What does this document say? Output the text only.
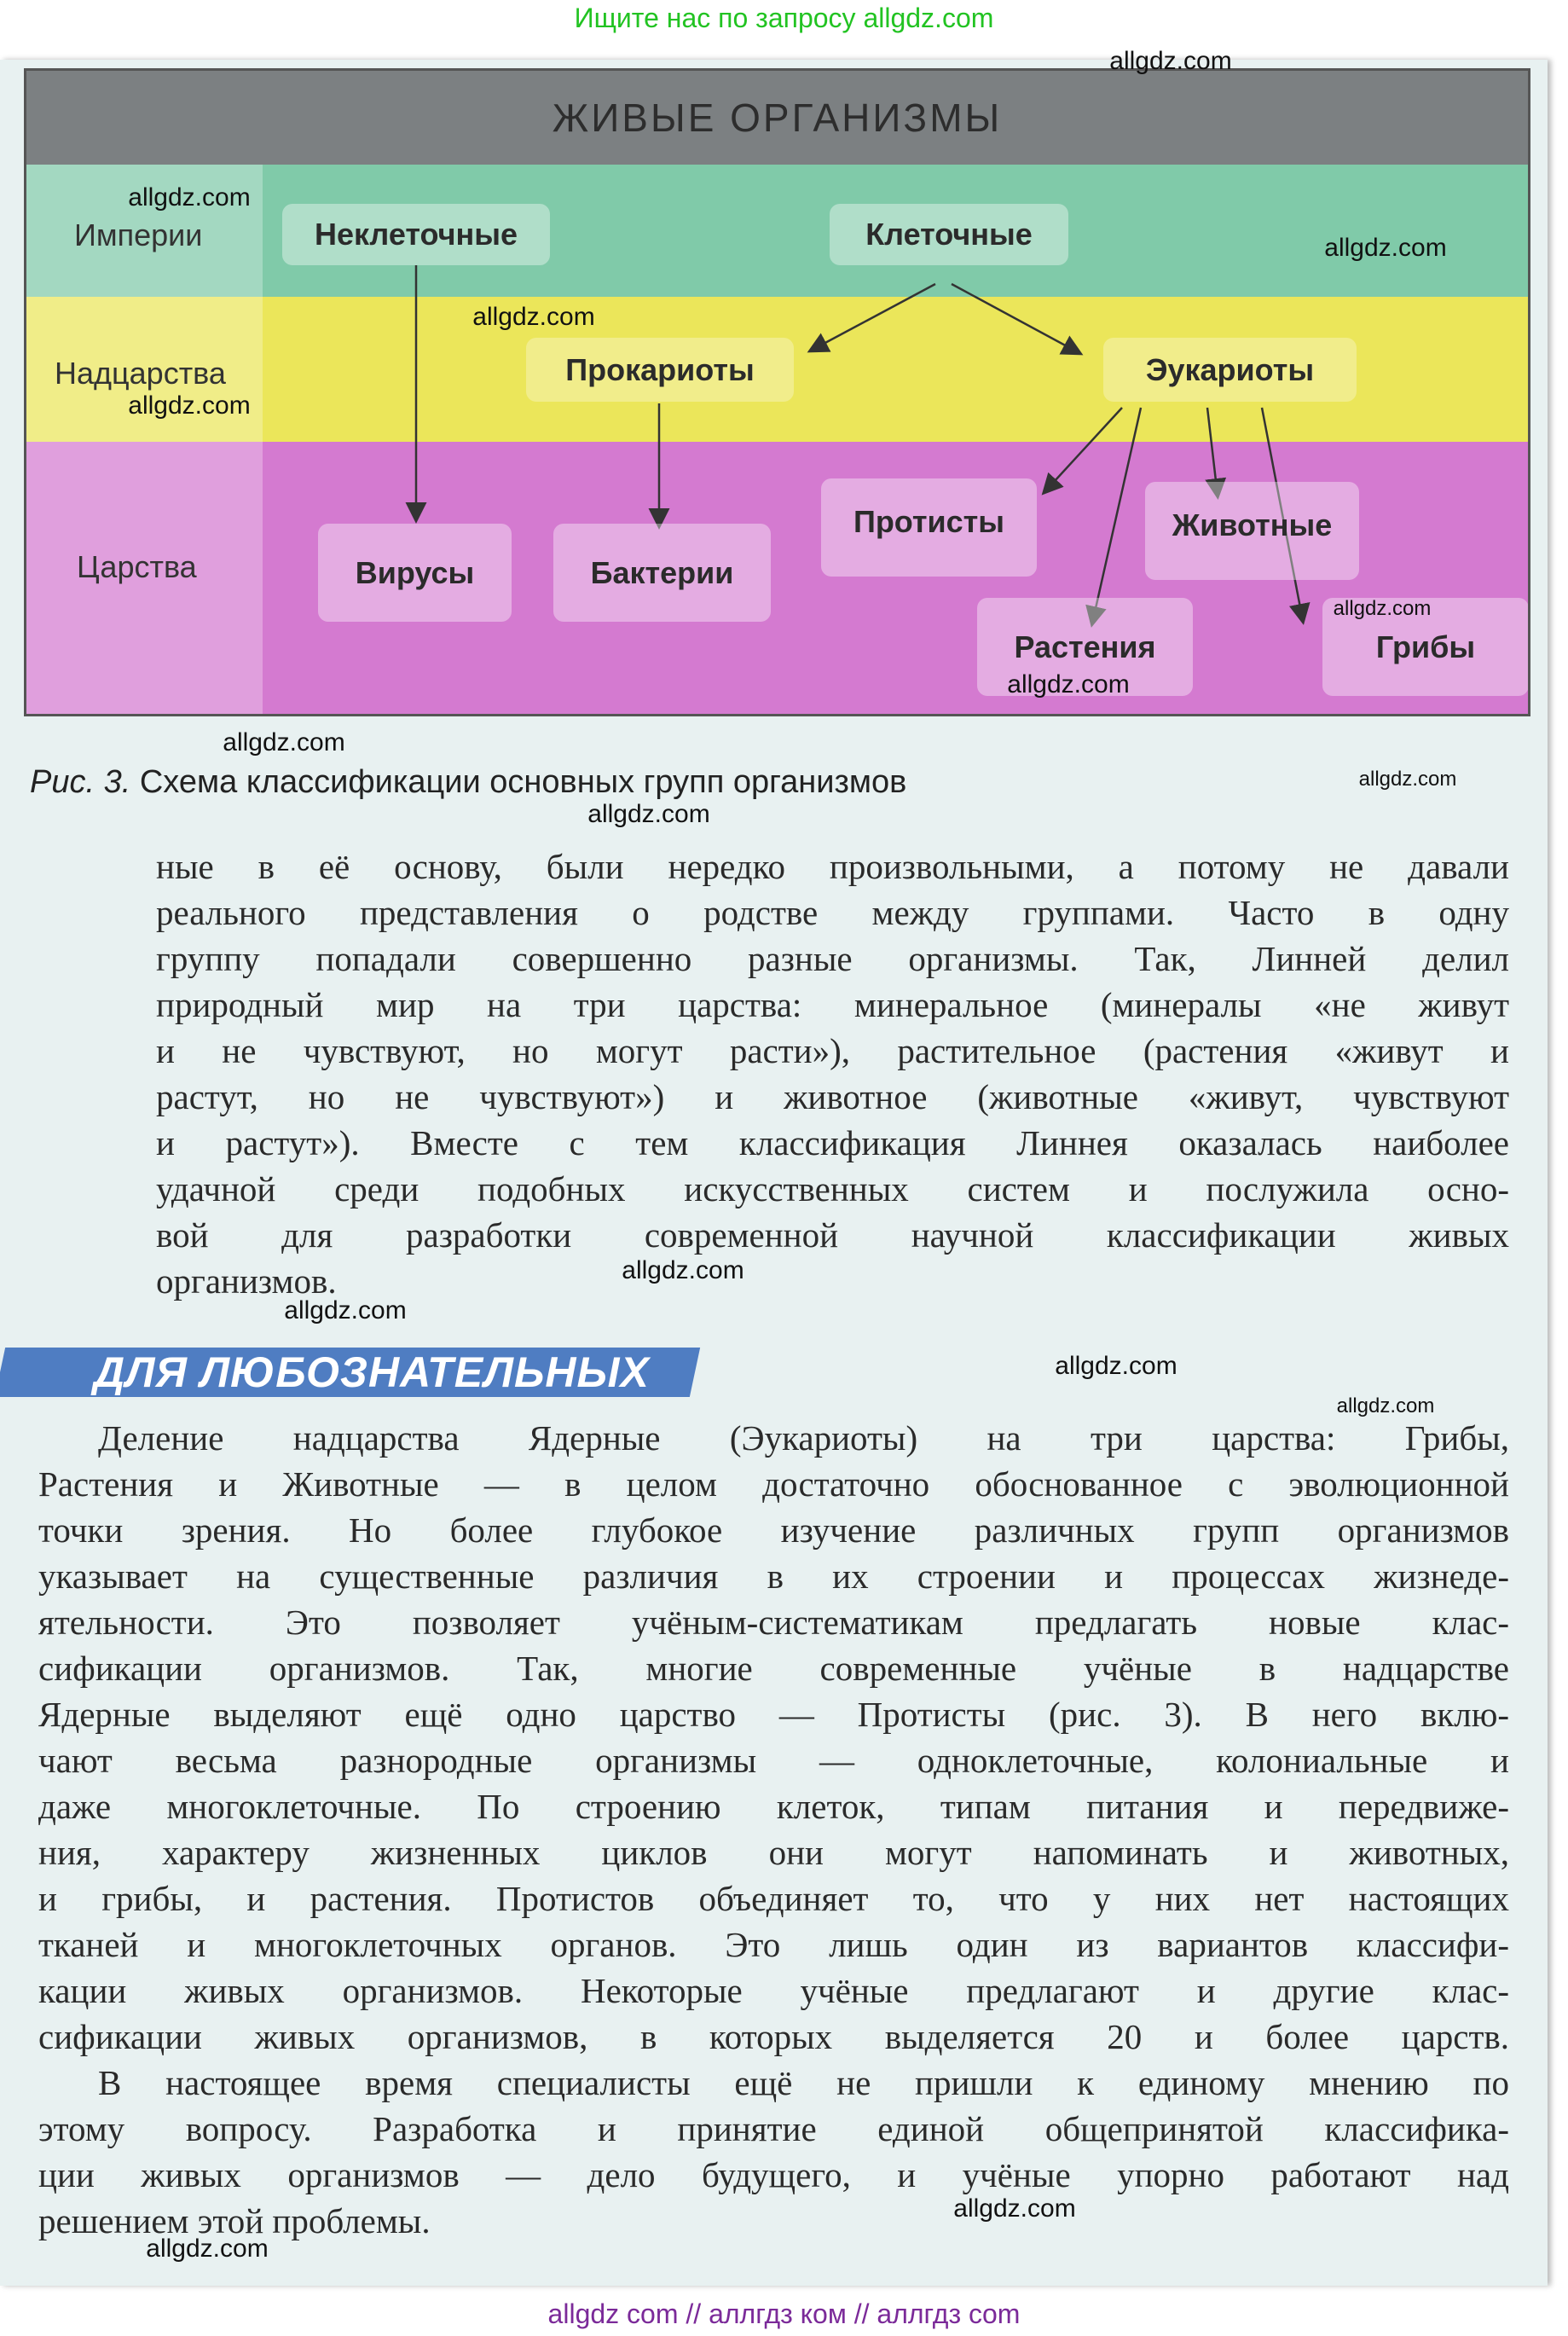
Ищите нас по запросу allgdz.com
ЖИВЫЕ ОРГАНИЗМЫ
Империи
Надцарства
Царства
Неклеточные	Клеточные
Прокариоты	Эукариоты
Вирусы	Бактерии
Протисты	Животные
Растения	Грибы
Рис. 3. Схема классификации основных групп организмов
ные в её основу, были нередко произвольными, а потому не давали
реального представления о родстве между группами. Часто в одну
группу попадали совершенно разные организмы. Так, Линней делил
природный мир на три царства: минеральное (минералы «не живут
и не чувствуют, но могут расти»), растительное (растения «живут и
растут, но не чувствуют») и животное (животные «живут, чувствуют
и растут»). Вместе с тем классификация Линнея оказалась наиболее
удачной среди подобных искусственных систем и послужила осно-
вой для разработки современной научной классификации живых
организмов.
ДЛЯ ЛЮБОЗНАТЕЛЬНЫХ
Деление надцарства Ядерные (Эукариоты) на три царства: Грибы,
Растения и Животные — в целом достаточно обоснованное с эволюционной
точки зрения. Но более глубокое изучение различных групп организмов
указывает на существенные различия в их строении и процессах жизнеде-
ятельности. Это позволяет учёным-систематикам предлагать новые клас-
сификации организмов. Так, многие современные учёные в надцарстве
Ядерные выделяют ещё одно царство — Протисты (рис. 3). В него вклю-
чают весьма разнородные организмы — одноклеточные, колониальные и
даже многоклеточные. По строению клеток, типам питания и передвиже-
ния, характеру жизненных циклов они могут напоминать и животных,
и грибы, и растения. Протистов объединяет то, что у них нет настоящих
тканей и многоклеточных органов. Это лишь один из вариантов классифи-
кации живых организмов. Некоторые учёные предлагают и другие клас-
сификации живых организмов, в которых выделяется 20 и более царств.
В настоящее время специалисты ещё не пришли к единому мнению по
этому вопросу. Разработка и принятие единой общепринятой классифика-
ции живых организмов — дело будущего, и учёные упорно работают над
решением этой проблемы.
allgdz.com
allgdz.com
allgdz.com
allgdz.com
allgdz.com
allgdz.com
allgdz.com
allgdz.com
allgdz.com
allgdz.com
allgdz.com
allgdz.com
allgdz.com
allgdz.com
allgdz.com
allgdz.com
allgdz com // аллгдз ком // аллгдз com
